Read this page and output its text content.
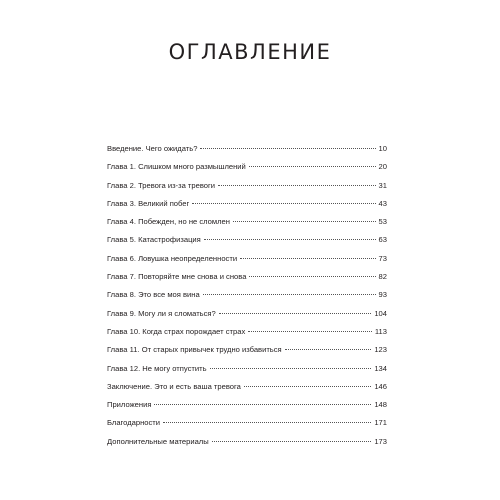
ОГЛАВЛЕНИЕ
Введение. Чего ожидать?	10
Глава 1. Слишком много размышлений	20
Глава 2. Тревога из-за тревоги	31
Глава 3. Великий побег	43
Глава 4. Побежден, но не сломлен	53
Глава 5. Катастрофизация	63
Глава 6. Ловушка неопределенности	73
Глава 7. Повторяйте мне снова и снова	82
Глава 8. Это все моя вина	93
Глава 9. Могу ли я сломаться?	104
Глава 10. Когда страх порождает страх	113
Глава 11. От старых привычек трудно избавиться	123
Глава 12. Не могу отпустить	134
Заключение. Это и есть ваша тревога	146
Приложения	148
Благодарности	171
Дополнительные материалы	173
